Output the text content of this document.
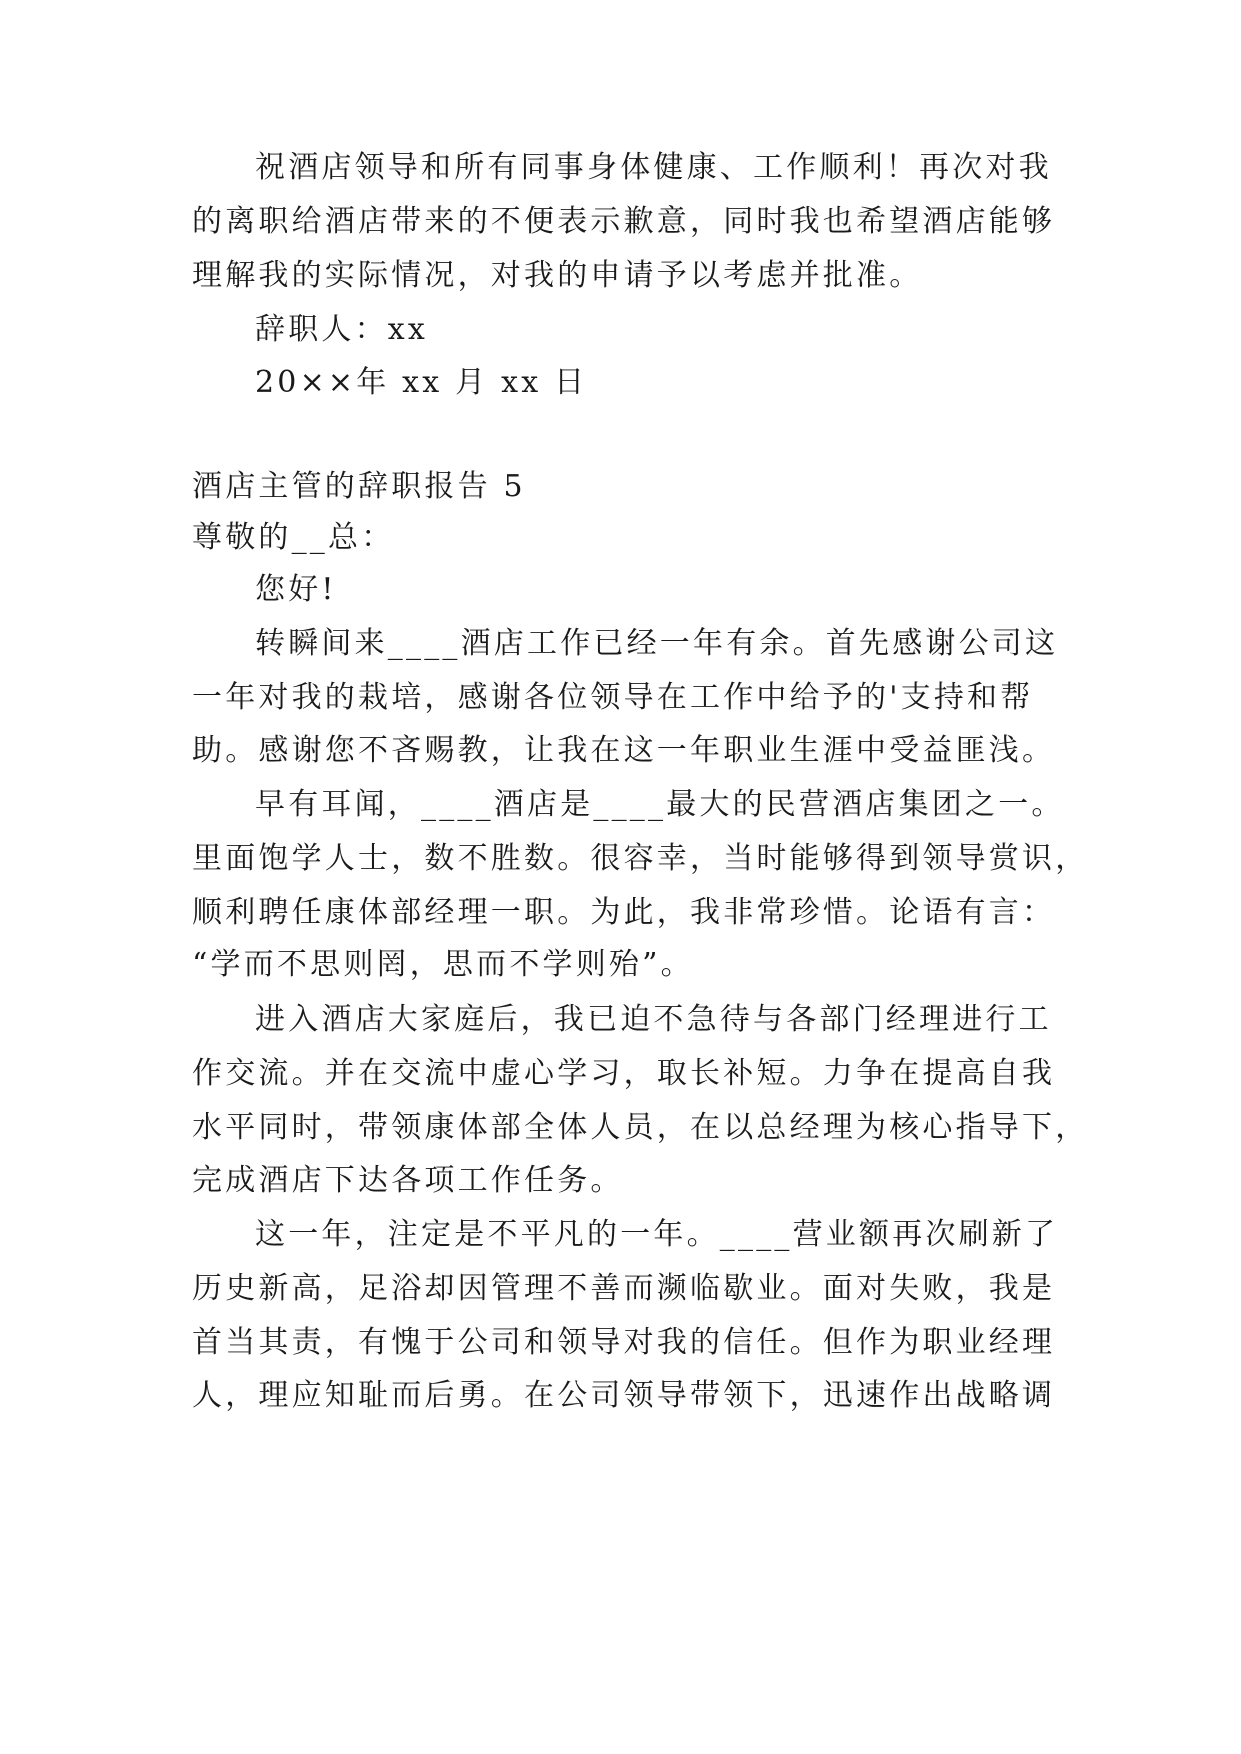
祝酒店领导和所有同事身体健康、工作顺利！再次对我
的离职给酒店带来的不便表示歉意，同时我也希望酒店能够
理解我的实际情况，对我的申请予以考虑并批准。
辞职人：xx
20××年 xx 月 xx 日
酒店主管的辞职报告 5
尊敬的__总：
您好!
转瞬间来____酒店工作已经一年有余。首先感谢公司这
一年对我的栽培，感谢各位领导在工作中给予的'支持和帮
助。感谢您不吝赐教，让我在这一年职业生涯中受益匪浅。
早有耳闻，____酒店是____最大的民营酒店集团之一。
里面饱学人士，数不胜数。很容幸，当时能够得到领导赏识，
顺利聘任康体部经理一职。为此，我非常珍惜。论语有言：
“学而不思则罔，思而不学则殆”。
进入酒店大家庭后，我已迫不急待与各部门经理进行工
作交流。并在交流中虚心学习，取长补短。力争在提高自我
水平同时，带领康体部全体人员，在以总经理为核心指导下，
完成酒店下达各项工作任务。
这一年，注定是不平凡的一年。____营业额再次刷新了
历史新高，足浴却因管理不善而濒临歇业。面对失败，我是
首当其责，有愧于公司和领导对我的信任。但作为职业经理
人，理应知耻而后勇。在公司领导带领下，迅速作出战略调
